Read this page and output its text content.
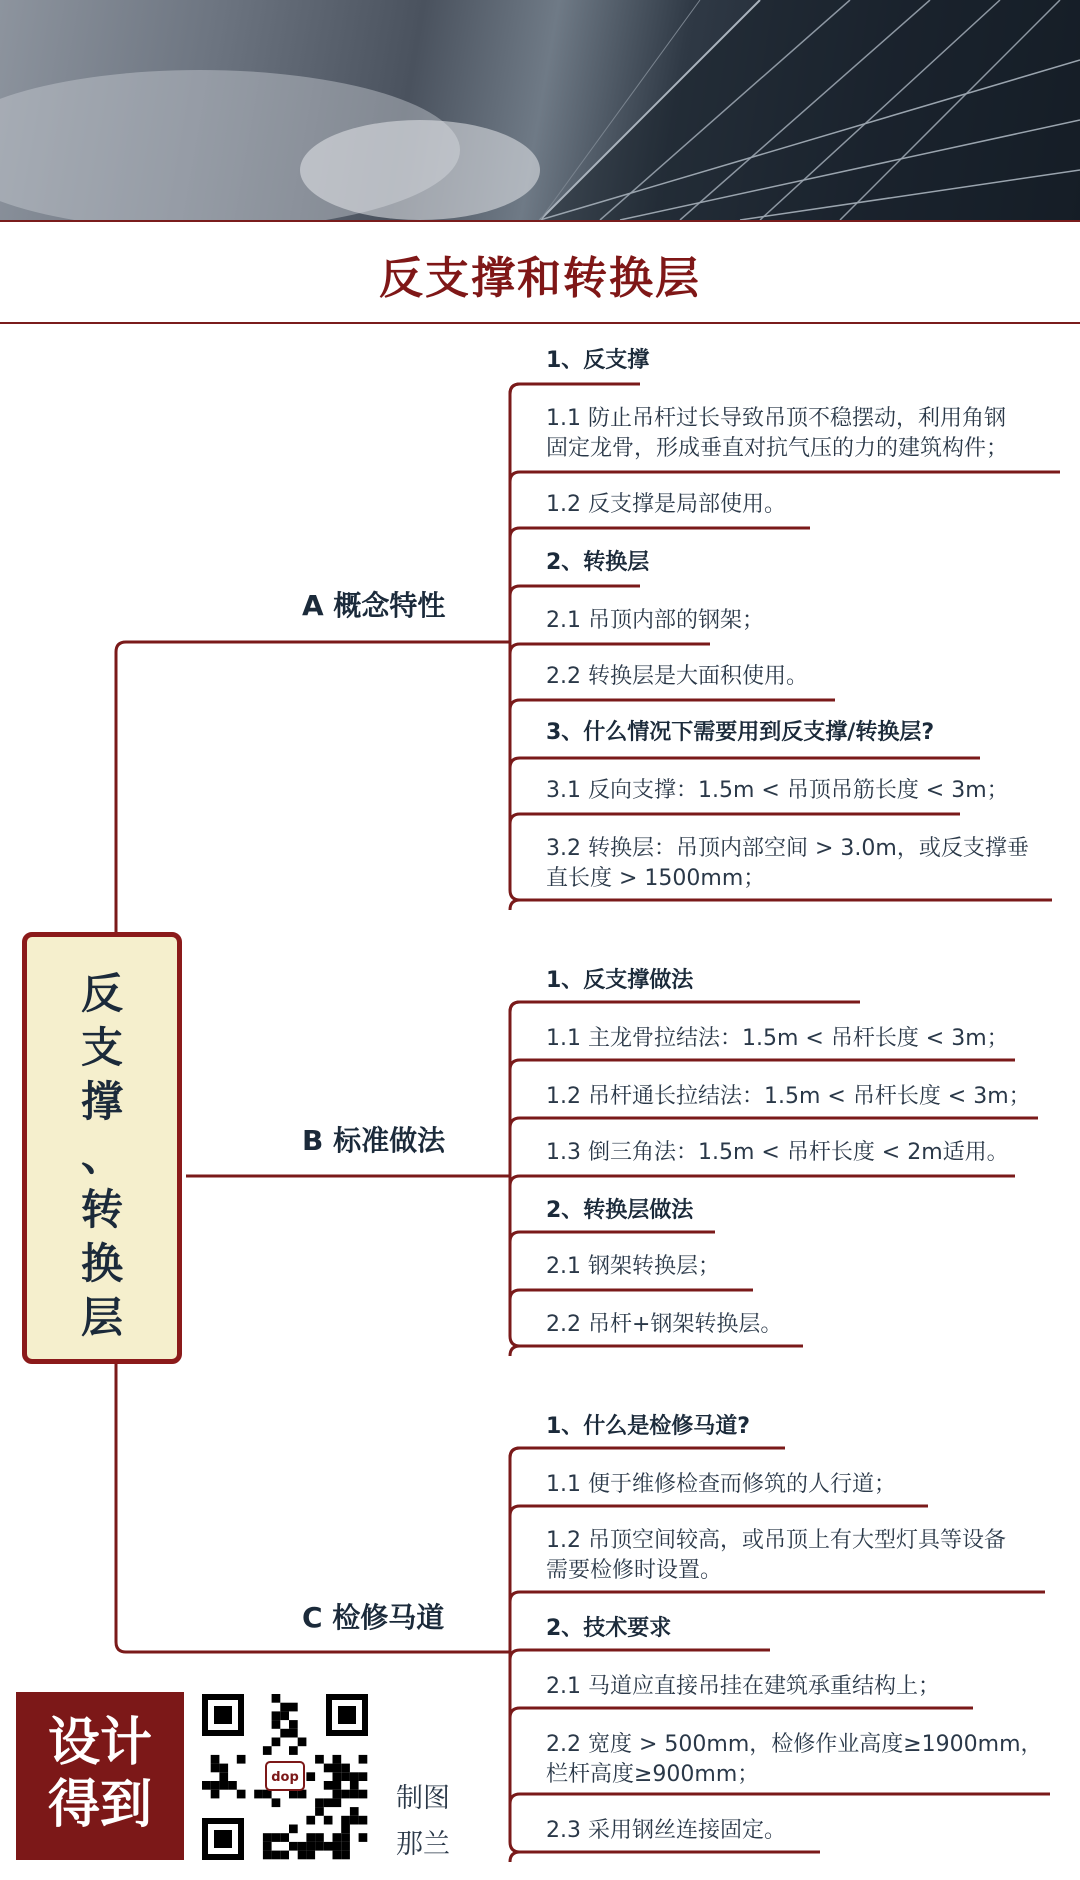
反支撑和转换层
反
支
撑
、
转
换
层
A 概念特性
B 标准做法
C 检修马道
1、反支撑
1.1 防止吊杆过长导致吊顶不稳摆动，利用角钢
固定龙骨，形成垂直对抗气压的力的建筑构件；
1.2 反支撑是局部使用。
2、转换层
2.1 吊顶内部的钢架；
2.2 转换层是大面积使用。
3、什么情况下需要用到反支撑/转换层?
3.1 反向支撑：1.5m < 吊顶吊筋长度 < 3m；
3.2 转换层：吊顶内部空间 > 3.0m，或反支撑垂
直长度 > 1500mm；
1、反支撑做法
1.1 主龙骨拉结法：1.5m < 吊杆长度 < 3m；
1.2 吊杆通长拉结法：1.5m < 吊杆长度 < 3m；
1.3 倒三角法：1.5m < 吊杆长度 < 2m适用。
2、转换层做法
2.1 钢架转换层；
2.2 吊杆+钢架转换层。
1、什么是检修马道?
1.1 便于维修检查而修筑的人行道；
1.2 吊顶空间较高，或吊顶上有大型灯具等设备
需要检修时设置。
2、技术要求
2.1 马道应直接吊挂在建筑承重结构上；
2.2 宽度 > 500mm，检修作业高度≥1900mm，
栏杆高度≥900mm；
2.3 采用钢丝连接固定。
设计
得到	dop
制图
那兰
